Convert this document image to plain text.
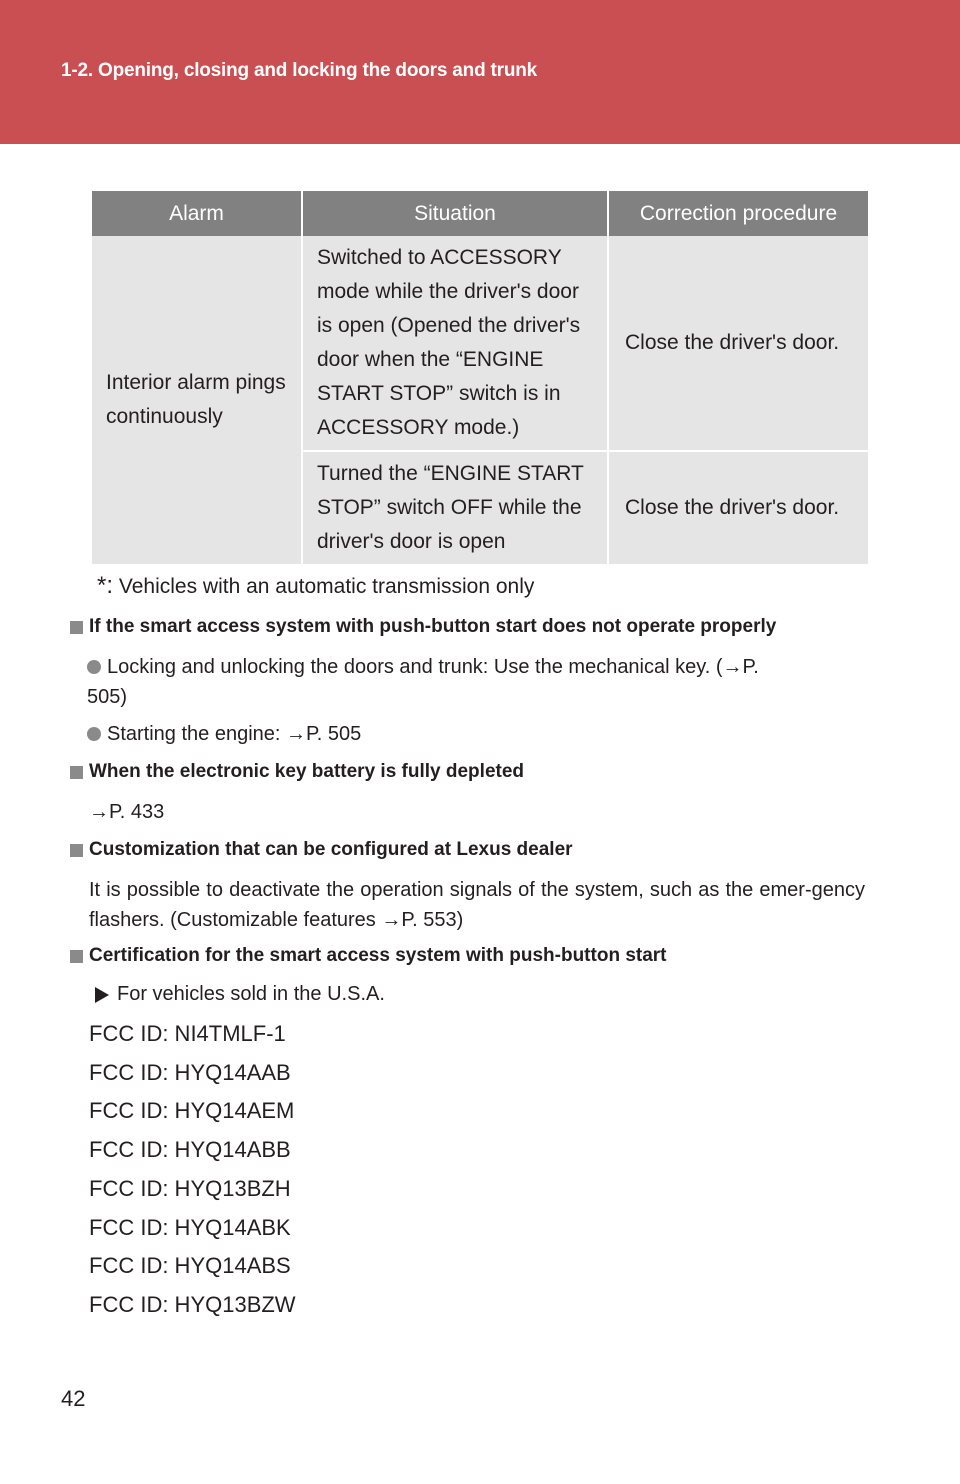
1-2. Opening, closing and locking the doors and trunk
Alarm	Situation	Correction procedure
Interior alarm pings continuously	Switched to ACCESSORY mode while the driver's door is open (Opened the driver's door when the “ENGINE START STOP” switch is in ACCESSORY mode.)	Close the driver's door.
	Turned the “ENGINE START STOP” switch OFF while the driver's door is open	Close the driver's door.
*: Vehicles with an automatic transmission only
If the smart access system with push-button start does not operate properly
Locking and unlocking the doors and trunk: Use the mechanical key. (→P. 505)
Starting the engine: →P. 505
When the electronic key battery is fully depleted
→P. 433
Customization that can be configured at Lexus dealer
It is possible to deactivate the operation signals of the system, such as the emer-gency flashers. (Customizable features →P. 553)
Certification for the smart access system with push-button start
For vehicles sold in the U.S.A.
FCC ID: NI4TMLF-1
FCC ID: HYQ14AAB
FCC ID: HYQ14AEM
FCC ID: HYQ14ABB
FCC ID: HYQ13BZH
FCC ID: HYQ14ABK
FCC ID: HYQ14ABS
FCC ID: HYQ13BZW
42
